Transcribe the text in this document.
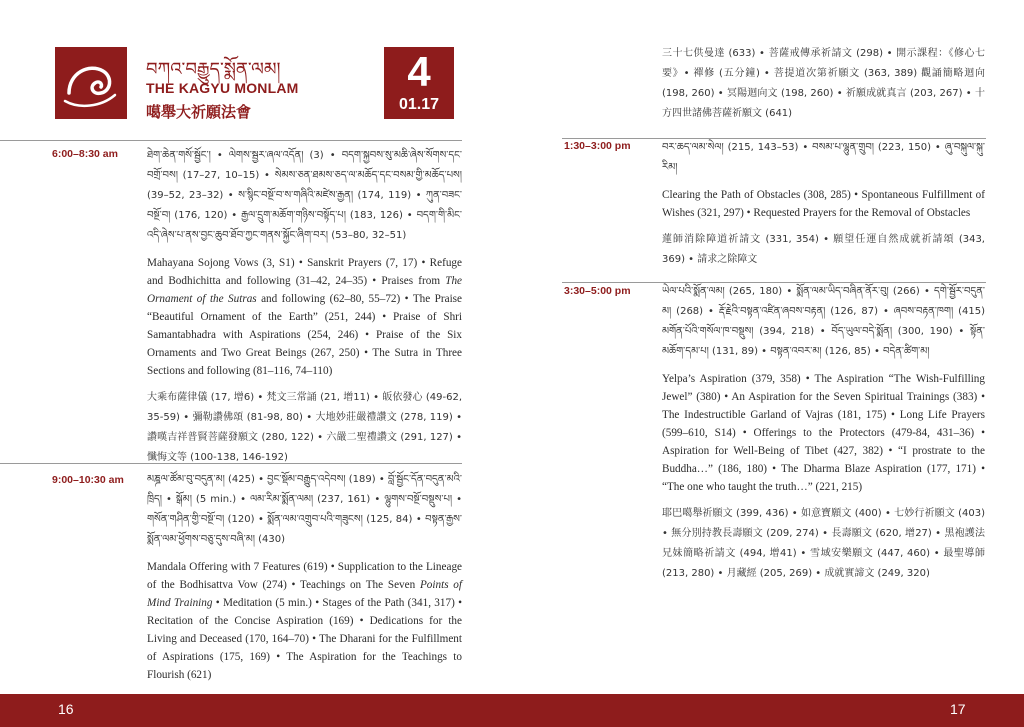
བཀའ་བརྒྱུད་སྨོན་ལམ།
THE KAGYU MONLAM
噶舉大祈願法會
4
01.17
6:00–8:30 am	ཐེག་ཆེན་གསོ་སྦྱོང་། • ལེགས་སྦྱར་ཞལ་འདོན། (3) • བདག་སྐྱབས་སུ་མཆི་ཞེས་སོགས་དང་ བགྲོ་བས། (17–27, 10–15) • སེམས་ཅན་ཐམས་ཅད་ལ་མཆོད་དང་བསམ་གྱི་མཆོད་པས། (39–52, 23–32) • ས་སྙིང་བསྔོ་བ་ས་གཞིའི་མཛེས་རྒྱན། (174, 119) • ཀུན་བཟང་བསྔོ་བ། (176, 120) • རྒྱལ་དྲུག་མཆོག་གཉིས་བསྟོད་པ། (183, 126) • བདག་གི་མིང་འདི་ཞེས་པ་ནས་བྱང་ཆུབ་ཐོབ་ཀྱང་གནས་སྐྱོང་ཞིག་བར། (53–80, 32–51)

Mahayana Sojong Vows (3, S1) • Sanskrit Prayers (7, 17) • Refuge and Bodhichitta and following (31–42, 24–35) • Praises from The Ornament of the Sutras and following (62–80, 55–72) • The Praise “Beautiful Ornament of the Earth” (251, 244) • Praise of Shri Samantabhadra with Aspirations (254, 246) • Praise of the Six Ornaments and Two Great Beings (267, 250) • The Sutra in Three Sections and following (81–116, 74–110)

大乘布薩律儀 (17, 增6) • 梵文三常誦 (21, 增11) • 皈依發心 (49-62, 35-59) • 彌勒讚佛頌 (81-98, 80) • 大地妙莊嚴禮讚文 (278, 119) • 讚嘆吉祥普賢菩薩發願文 (280, 122) • 六嚴二聖禮讚文 (291, 127) • 懺悔文等 (100-138, 146-192)

9:00–10:30 am མཎྜལ་ཚོམ་བུ་བདུན་མ། (425) • བྱང་སྡོམ་བརྒྱུད་འདེབས། (189) • བློ་སྦྱོང་དོན་བདུན་མའི་ཁྲིད། • སྒོམ། (5 min.) • ལམ་རིམ་སྨོན་ལམ། (237, 161) • ལྷུགས་བསྔོ་བསྡུས་པ། • གསོན་གཤིན་གྱི་བསྔོ་བ། (120) • སྨོན་ལམ་འགྲུབ་པའི་གཟུངས། (125, 84) • བསྟན་རྒྱས་སྨོན་ལམ་ཕྱོགས་བཅུ་དུས་བཞི་མ། (430)

Mandala Offering with 7 Features (619) • Supplication to the Lineage of the Bodhisattva Vow (274) • Teachings on The Seven Points of Mind Training • Meditation (5 min.) • Stages of the Path (341, 317) • Recitation of the Concise Aspiration (169) • Dedications for the Living and Deceased (170, 164–70) • The Dharani for the Fulfillment of Aspirations (175, 169) • The Aspiration for the Teachings to Flourish (621)

三十七供曼達 (633) • 菩薩戒傳承祈請文 (298) • 開示課程：《修心七要》• 禪修 (五分鐘) • 菩提道次第祈願文 (363, 389) 觀誦簡略迴向 (198, 260) • 冥陽迴向文 (198, 260) • 祈願成就真言 (203, 267) • 十方四世諸佛菩薩祈願文 (641)

1:30–3:00 pm	བར་ཆད་ལམ་སེལ། (215, 143–53) • བསམ་པ་ལྷུན་གྲུབ། (223, 150) • ཞུ་བསྐུལ་སྐུ་རིམ།

Clearing the Path of Obstacles (308, 285) • Spontaneous Fulfillment of Wishes (321, 297) • Requested Prayers for the Removal of Obstacles

蓮師消除障道祈請文 (331, 354) • 願望任運自然成就祈請頌 (343, 369) • 請求之除障文

3:30–5:00 pm	ཡེལ་པའི་སྨོན་ལམ། (265, 180) • སྨོན་ལམ་ཡིད་བཞིན་ནོར་བུ། (266) • དགེ་སྦྱོར་བདུན་མ། (268) • རྡོ་རྗེའི་བསྟན་འཛིན་ཞབས་བརྟན། (126, 87) • ཞབས་བརྟན་ཁག། (415) མགོན་པོའི་གསོལ་ཁ་བསྡུས། (394, 218) • བོད་ཡུལ་བདེ་སྨོན། (300, 190) • སྟོན་མཆོག་དམ་པ། (131, 89) • བསྟན་འབར་མ། (126, 85) • བདེན་ཚིག་མ།

Yelpa’s Aspiration (379, 358) • The Aspiration “The Wish-Fulfilling Jewel” (380) • An Aspiration for the Seven Spiritual Trainings (383) • The Indestructible Garland of Vajras (181, 175) • Long Life Prayers (599–610, S14) • Offerings to the Protectors (479-84, 431–36) • Aspiration for Well-Being of Tibet (427, 382) • “I prostrate to the Buddha…” (186, 180) • The Dharma Blaze Aspiration (177, 171) • “The one who taught the truth…” (221, 215)

耶巴噶舉祈願文 (399, 436) • 如意寶願文 (400) • 七妙行祈願文 (403) • 無分別持教長壽願文 (209, 274) • 長壽願文 (620, 增27) • 黑袍護法兄妹簡略祈請文 (494, 增41) • 雪域安樂願文 (447, 460) • 最聖導師 (213, 280) • 月藏經 (205, 269) • 成就實諦文 (249, 320)

16	17
